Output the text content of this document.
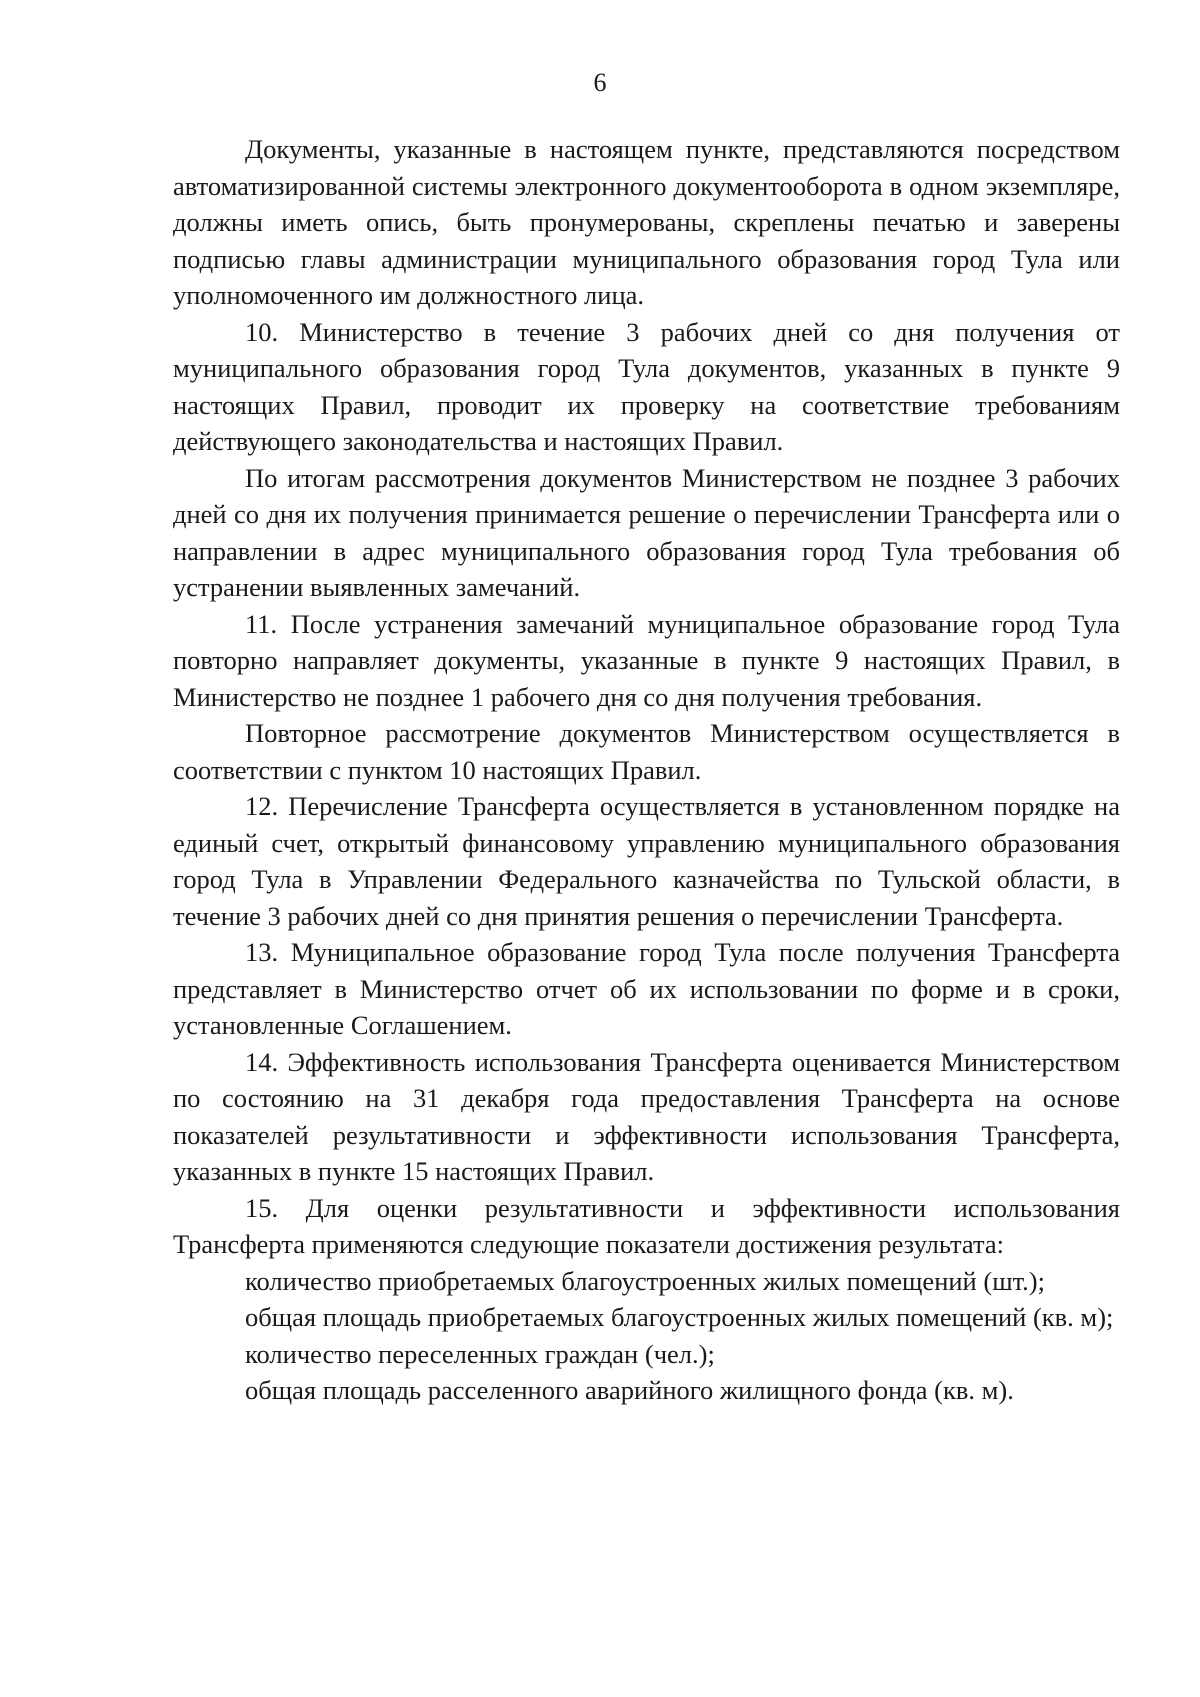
6

Документы, указанные в настоящем пункте, представляются посредством автоматизированной системы электронного документооборота в одном экземпляре, должны иметь опись, быть пронумерованы, скреплены печатью и заверены подписью главы администрации муниципального образования город Тула или уполномоченного им должностного лица.

10. Министерство в течение 3 рабочих дней со дня получения от муниципального образования город Тула документов, указанных в пункте 9 настоящих Правил, проводит их проверку на соответствие требованиям действующего законодательства и настоящих Правил.

По итогам рассмотрения документов Министерством не позднее 3 рабочих дней со дня их получения принимается решение о перечислении Трансферта или о направлении в адрес муниципального образования город Тула требования об устранении выявленных замечаний.

11. После устранения замечаний муниципальное образование город Тула повторно направляет документы, указанные в пункте 9 настоящих Правил, в Министерство не позднее 1 рабочего дня со дня получения требования.

Повторное рассмотрение документов Министерством осуществляется в соответствии с пунктом 10 настоящих Правил.

12. Перечисление Трансферта осуществляется в установленном порядке на единый счет, открытый финансовому управлению муниципального образования город Тула в Управлении Федерального казначейства по Тульской области, в течение 3 рабочих дней со дня принятия решения о перечислении Трансферта.

13. Муниципальное образование город Тула после получения Трансферта представляет в Министерство отчет об их использовании по форме и в сроки, установленные Соглашением.

14. Эффективность использования Трансферта оценивается Министерством по состоянию на 31 декабря года предоставления Трансферта на основе показателей результативности и эффективности использования Трансферта, указанных в пункте 15 настоящих Правил.

15. Для оценки результативности и эффективности использования Трансферта применяются следующие показатели достижения результата:

количество приобретаемых благоустроенных жилых помещений (шт.);

общая площадь приобретаемых благоустроенных жилых помещений (кв. м);

количество переселенных граждан (чел.);

общая площадь расселенного аварийного жилищного фонда (кв. м).
